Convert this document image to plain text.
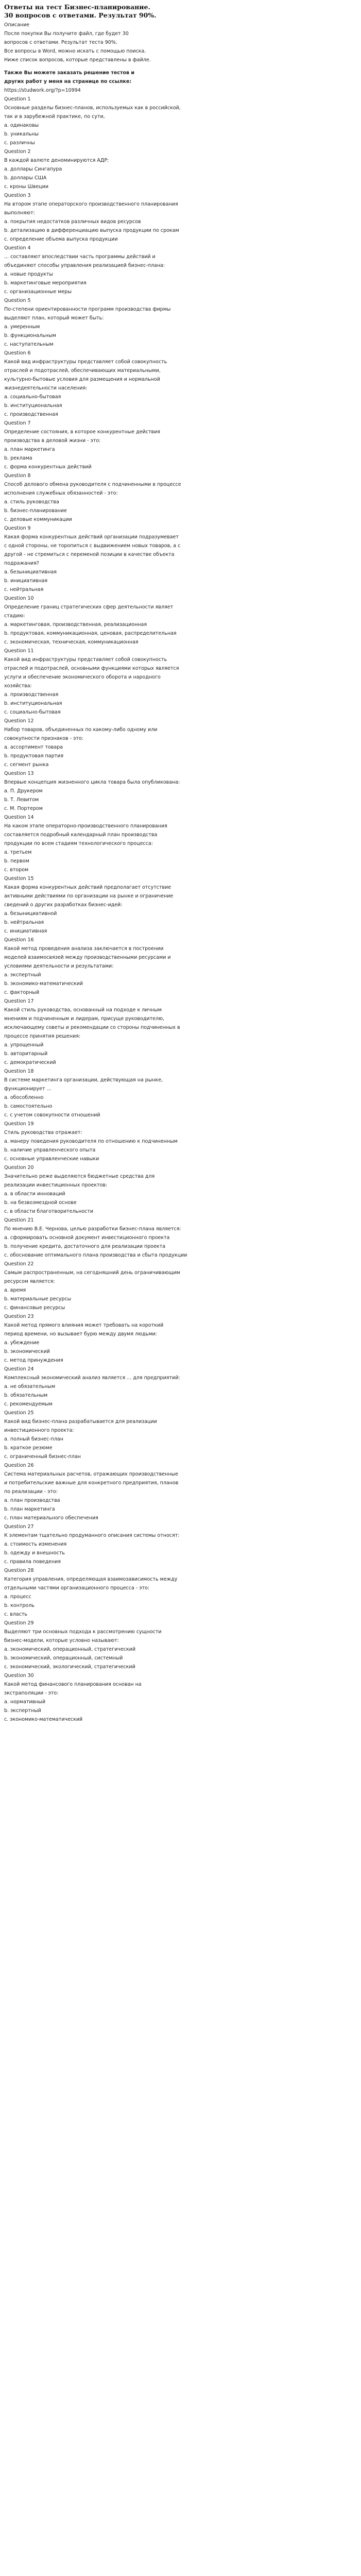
Ответы на тест Бизнес-планирование. 30 вопросов с ответами. Результат 90%.
Описание
После покупки Вы получите файл, где будет 30 вопросов с ответами. Результат теста 90%.
Все вопросы в Word, можно искать с помощью поиска.
Ниже список вопросов, которые представлены в файле.
Также Вы можете заказать решение тестов и других работ у меня на странице по ссылке:
https://studwork.org/?p=10994
Question 1
Основные разделы бизнес-планов, используемых как в российской, так и в зарубежной практике, по сути,
а. одинаковы
b. уникальны
c. различны
Question 2
В каждой валюте деноминируются АДР:
а. доллары Сингапура
b. доллары США
c. кроны Швеции
Question 3
На втором этапе операторского производственного планирования выполняют:
а. покрытия недостатков различных видов ресурсов
b. детализацию в дифференциацию выпуска продукции по срокам
c. определение объема выпуска продукции
Question 4
... составляют впоследствии часть программы действий и объединяют способы управления реализацией бизнес-плана:
а. новые продукты
b. маркетинговые мероприятия
c. организационные меры
Question 5
По-степени ориентированности программ производства фирмы выделяют план, который может быть:
а. умеренным
b. функциональным
c. наступательным
Question 6
Какой вид инфраструктуры представляет собой совокупность отраслей и подотраслей, обеспечивающих материальными, культурно-бытовые условия для размещения и нормальной жизнедеятельности населения:
а. социально-бытовая
b. институциональная
c. производственная
Question 7
Определение состояния, в которое конкурентные действия производства в деловой жизни - это:
а. план маркетинга
b. реклама
c. форма конкурентных действий
Question 8
Способ делового обмена руководителя с подчиненными в процессе исполнения служебных обязанностей - это:
а. стиль руководства
b. бизнес-планирование
c. деловые коммуникации
Question 9
Какая форма конкурентных действий организации подразумевает с одной стороны, не торопиться с выдвижением новых товаров, а с другой - не стремиться с переменой позиции в качестве объекта подражания?
а. безынициативная
b. инициативная
c. нейтральная
Question 10
Определение границ стратегических сфер деятельности являет стадию:
а. маркетинговая, производственная, реализационная
b. продуктовая, коммуникационная, ценовая, распределительная
c. экономическая, техническая, коммуникационная
Question 11
Какой вид инфраструктуры представляет собой совокупность отраслей и подотраслей, основными функциями которых является услуги и обеспечение экономического оборота и народного хозяйства:
а. производственная
b. институциональная
c. социально-бытовая
Question 12
Набор товаров, объединенных по какому-либо одному или совокупности признаков - это:
а. ассортимент товара
b. продуктовая партия
c. сегмент рынка
Question 13
Впервые концепция жизненного цикла товара была опубликована:
а. П. Друкером
b. Т. Левитом
c. М. Портером
Question 14
На каком этапе операторно-производственного планирования составляется подробный календарный план производства продукции по всем стадиям технологического процесса:
а. третьем
b. первом
c. втором
Question 15
Какая форма конкурентных действий предполагает отсутствие активными действиями по организации на рынке и ограничение сведений о других разработках бизнес-идей:
а. безынициативной
b. нейтральная
c. инициативная
Question 16
Какой метод проведения анализа заключается в построении моделей взаимосвязей между производственными ресурсами и условиями деятельности и результатами:
а. экспертный
b. экономико-математический
c. факторный
Question 17
Какой стиль руководства, основанный на подходе к личным мнениям и подчиненным и лидерам, присуще руководителю, исключающему советы и рекомендации со стороны подчиненных в процессе принятия решения:
а. упрощенный
b. авторитарный
c. демократический
Question 18
В системе маркетинга организации, действующая на рынке, функционирует ...
а. обособленно
b. самостоятельно
c. с учетом совокупности отношений
Question 19
Стиль руководства отражает:
а. манеру поведения руководителя по отношению к подчиненным
b. наличие управленческого опыта
c. основные управленческие навыки
Question 20
Значительно реже выделяются бюджетные средства для реализации инвестиционных проектов:
а. в области инноваций
b. на безвозмездной основе
c. в области благотворительности
Question 21
По мнению В.Е. Чернова, целью разработки бизнес-плана является:
а. сформировать основной документ инвестиционного проекта
b. получение кредита, достаточного для реализации проекта
c. обоснование оптимального плана производства и сбыта продукции
Question 22
Самым распространенным, на сегодняшний день ограничивающим ресурсом является:
а. время
b. материальные ресурсы
c. финансовые ресурсы
Question 23
Какой метод прямого влияния может требовать на короткий период времени, но вызывает бурю между двумя людьми:
а. убеждение
b. экономический
c. метод принуждения
Question 24
Комплексный экономический анализ является ... для предприятий:
а. не обязательным
b. обязательным
c. рекомендуемым
Question 25
Какой вид бизнес-плана разрабатывается для реализации инвестиционного проекта:
а. полный бизнес-план
b. краткое резюме
c. ограниченный бизнес-план
Question 26
Система материальных расчетов, отражающих производственные и потребительские важные для конкретного предприятия, планов по реализации - это:
а. план производства
b. план маркетинга
c. план материального обеспечения
Question 27
К элементам тщательно продуманного описания системы относят:
а. стоимость изменения
b. одежду и внешность
c. правила поведения
Question 28
Категория управления, определяющая взаимозависимость между отдельными частями организационного процесса - это:
а. процесс
b. контроль
c. власть
Question 29
Выделяют три основных подхода к рассмотрению сущности бизнес-модели, которые условно называют:
а. экономический, операционный, стратегический
b. экономический, операционный, системный
c. экономический, экологический, стратегический
Question 30
Какой метод финансового планирования основан на экстраполяции - это:
а. нормативный
b. экспертный
c. экономико-математический
